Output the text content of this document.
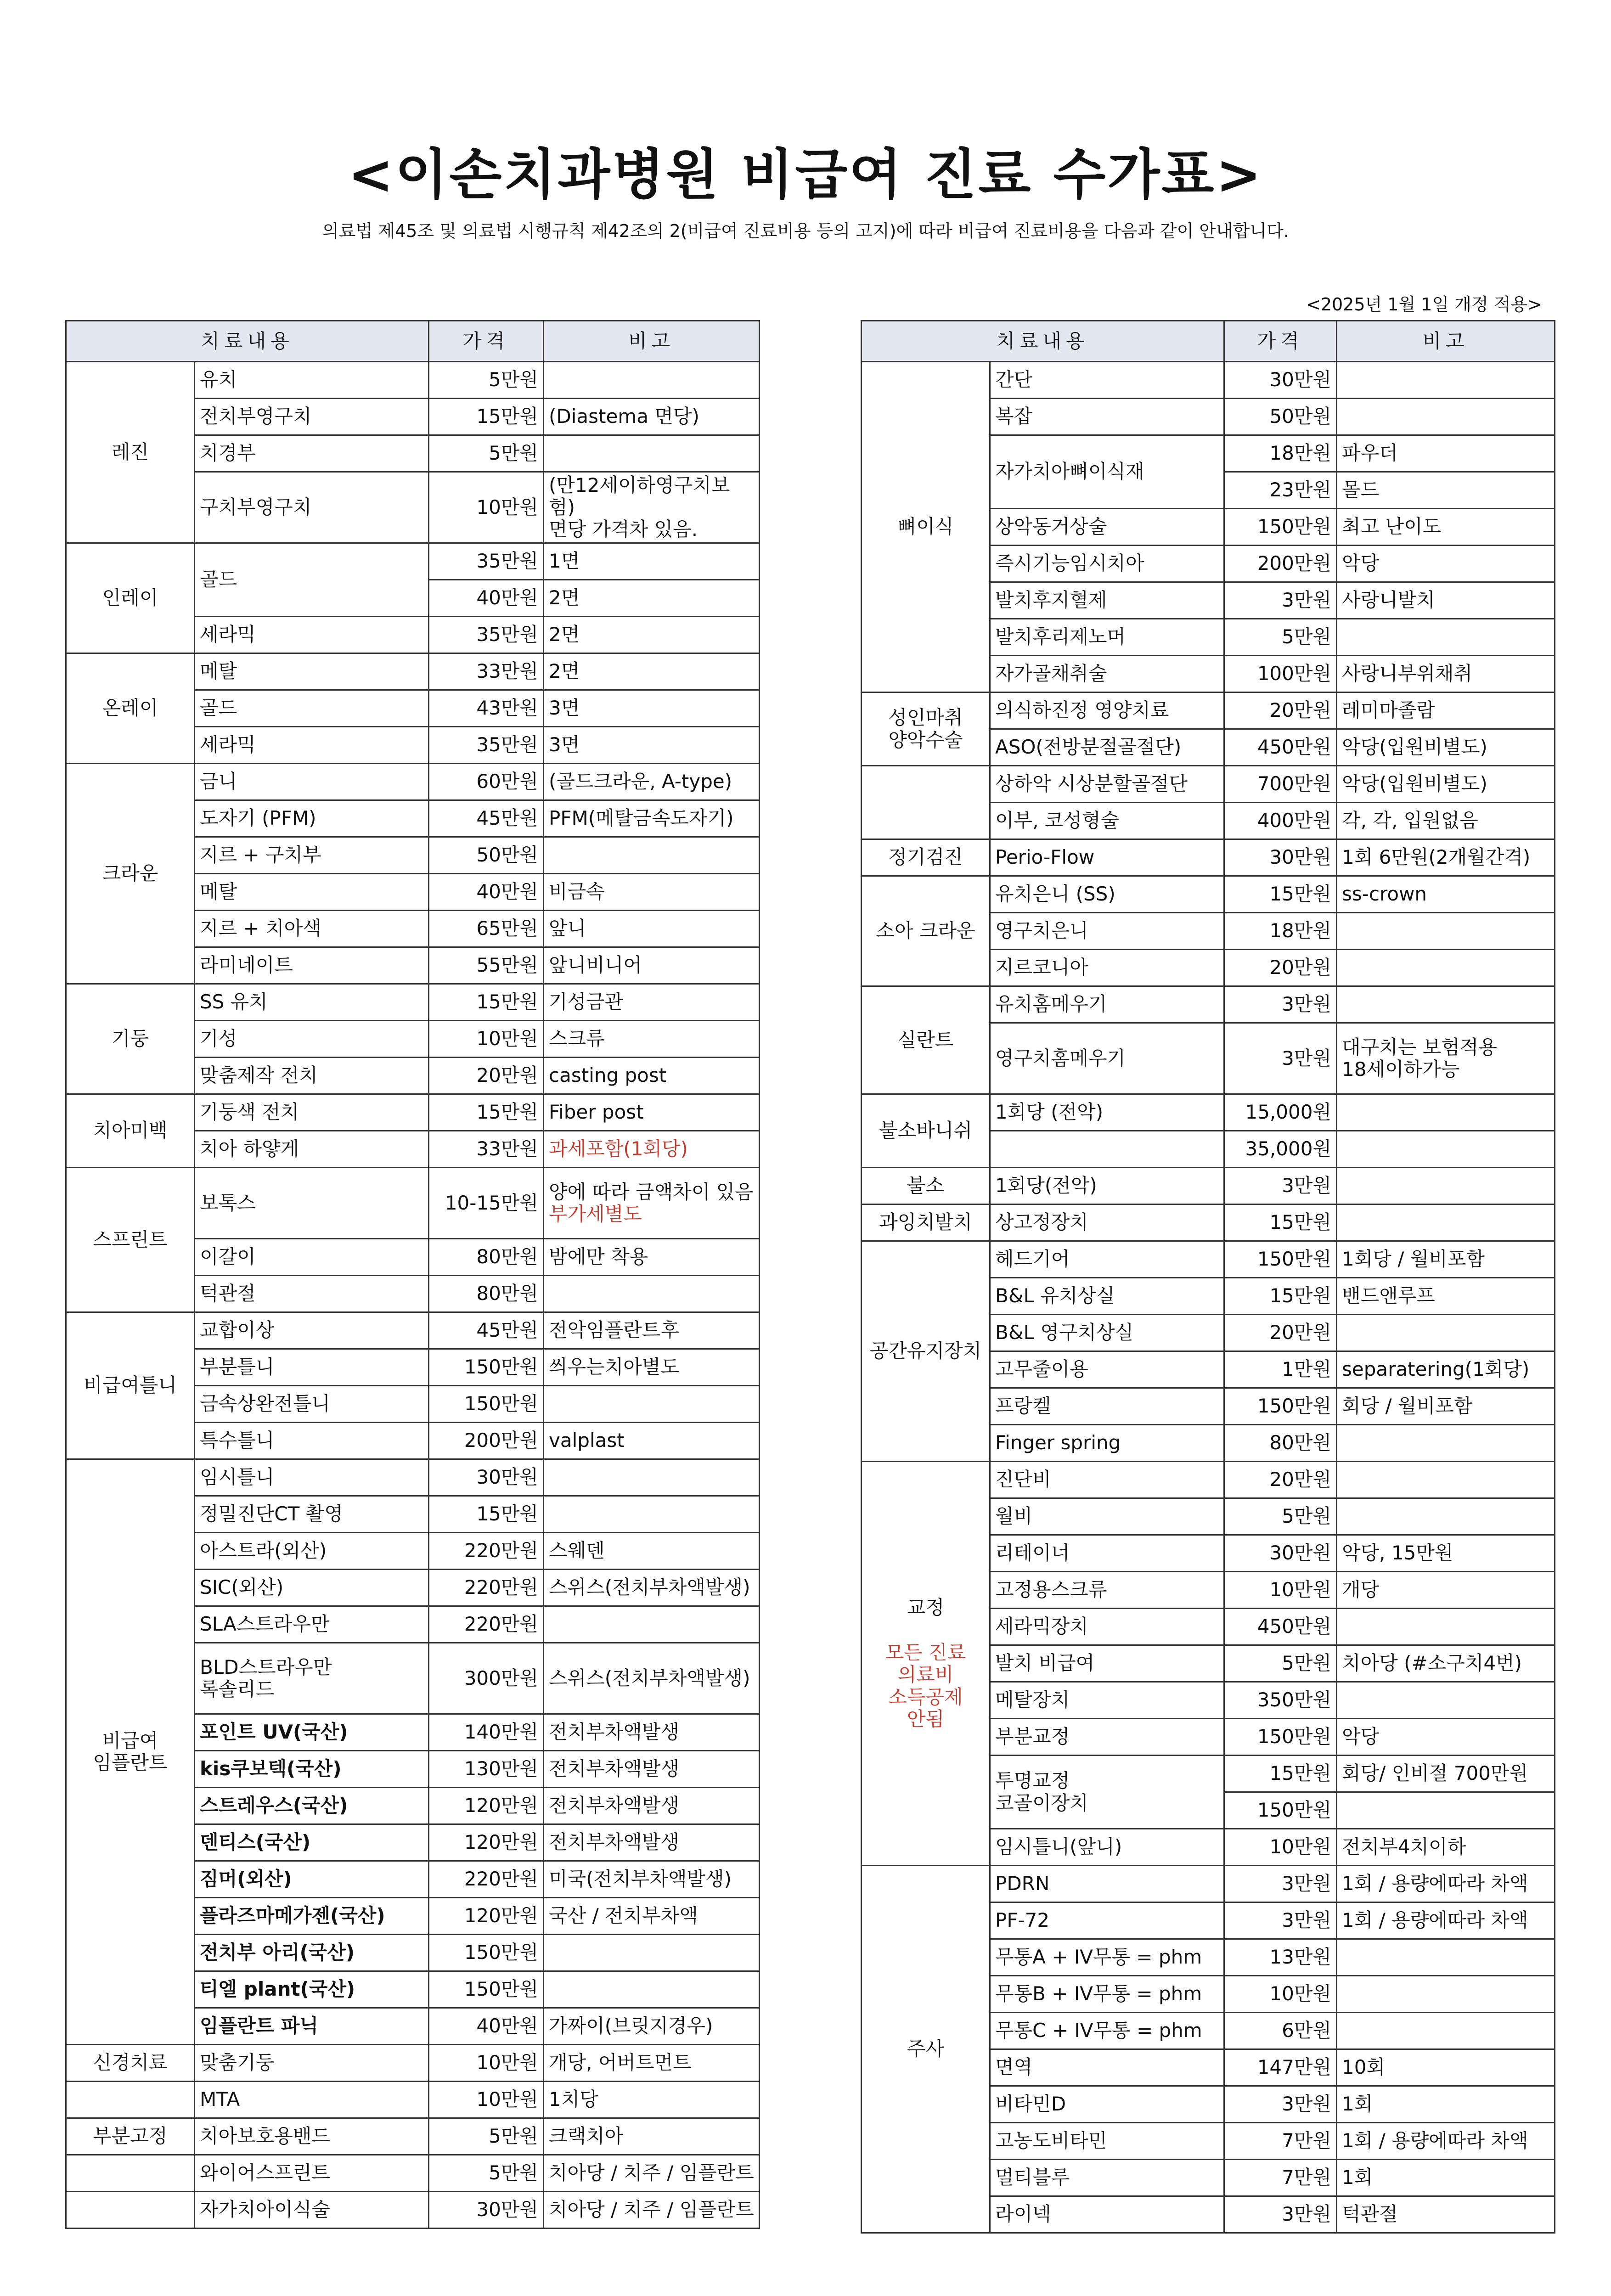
<이손치과병원 비급여 진료 수가표>

의료법 제45조 및 의료법 시행규칙 제42조의 2(비급여 진료비용 등의 고지)에 따라 비급여 진료비용을 다음과 같이 안내합니다.

<2025년 1월 1일 개정 적용>
치료내용		가격	비고
레진	유치	5만원	
	전치부영구치	15만원	(Diastema 면당)
	치경부	5만원	
	구치부영구치	10만원	(만12세이하영구치보험)
면당 가격차 있음.
인레이	골드	35만원	1면
		40만원	2면
	세라믹	35만원	2면
온레이	메탈	33만원	2면
	골드	43만원	3면
	세라믹	35만원	3면
크라운	금니	60만원	(골드크라운, A-type)
	도자기 (PFM)	45만원	PFM(메탈금속도자기)
	지르 + 구치부	50만원	
	메탈	40만원	비금속
	지르 + 치아색	65만원	앞니
	라미네이트	55만원	앞니비니어
기둥	SS 유치	15만원	기성금관
	기성	10만원	스크류
	맞춤제작 전치	20만원	casting post
치아미백	기둥색 전치	15만원	Fiber post
	치아 하얗게	33만원	과세포함(1회당)
스프린트	보톡스	10-15만원	양에 따라 금액차이 있음
부가세별도
	이갈이	80만원	밤에만 착용
	턱관절	80만원	
비급여틀니	교합이상	45만원	전악임플란트후
	부분틀니	150만원	씌우는치아별도
	금속상완전틀니	150만원	
	특수틀니	200만원	valplast
비급여
임플란트	임시틀니	30만원	
	정밀진단CT 촬영	15만원	
	아스트라(외산)	220만원	스웨덴
	SIC(외산)	220만원	스위스(전치부차액발생)
	SLA스트라우만	220만원	
	BLD스트라우만
록솔리드	300만원	스위스(전치부차액발생)
	포인트 UV(국산)	140만원	전치부차액발생
	kis쿠보텍(국산)	130만원	전치부차액발생
	스트레우스(국산)	120만원	전치부차액발생
	덴티스(국산)	120만원	전치부차액발생
	짐머(외산)	220만원	미국(전치부차액발생)
	플라즈마메가젠(국산)	120만원	국산 / 전치부차액
	전치부 아리(국산)	150만원	
	티엘 plant(국산)	150만원	
	임플란트 파닉	40만원	가짜이(브릿지경우)
신경치료	맞춤기둥	10만원	개당, 어버트먼트
	MTA	10만원	1치당
부분고정	치아보호용밴드	5만원	크랙치아
	와이어스프린트	5만원	치아당 / 치주 / 임플란트
	자가치아이식술	30만원	치아당 / 치주 / 임플란트
치료내용		가격	비고
뼈이식	간단	30만원	
	복잡	50만원	
	자가치아뼈이식재	18만원	파우더
		23만원	몰드
	상악동거상술	150만원	최고 난이도
	즉시기능임시치아	200만원	악당
	발치후지혈제	3만원	사랑니발치
	발치후리제노머	5만원	
	자가골채취술	100만원	사랑니부위채취
성인마취
양악수술	의식하진정 영양치료	20만원	레미마졸람
	ASO(전방분절골절단)	450만원	악당(입원비별도)
	상하악 시상분할골절단	700만원	악당(입원비별도)
	이부, 코성형술	400만원	각, 각, 입원없음
정기검진	Perio-Flow	30만원	1회 6만원(2개월간격)
소아 크라운	유치은니 (SS)	15만원	ss-crown
	영구치은니	18만원	
	지르코니아	20만원	
실란트	유치홈메우기	3만원	
	영구치홈메우기	3만원	대구치는 보험적용
18세이하가능
불소바니쉬	1회당 (전악)	15,000원	
		35,000원	
불소	1회당(전악)	3만원	
과잉치발치	상고정장치	15만원	
공간유지장치	헤드기어	150만원	1회당 / 월비포함
	B&L 유치상실	15만원	밴드앤루프
	B&L 영구치상실	20만원	
	고무줄이용	1만원	separatering(1회당)
	프랑켈	150만원	회당 / 월비포함
	Finger spring	80만원	
교정
모든 진료
의료비
소득공제
안됨	진단비	20만원	
	월비	5만원	
	리테이너	30만원	악당, 15만원
	고정용스크류	10만원	개당
	세라믹장치	450만원	
	발치 비급여	5만원	치아당 (#소구치4번)
	메탈장치	350만원	
	부분교정	150만원	악당
	투명교정
코골이장치	15만원	회당/ 인비절 700만원
		150만원	
	임시틀니(앞니)	10만원	전치부4치이하
주사	PDRN	3만원	1회 / 용량에따라 차액
	PF-72	3만원	1회 / 용량에따라 차액
	무통A + IV무통 = phm	13만원	
	무통B + IV무통 = phm	10만원	
	무통C + IV무통 = phm	6만원	
	면역	147만원	10회
	비타민D	3만원	1회
	고농도비타민	7만원	1회 / 용량에따라 차액
	멀티블루	7만원	1회
	라이넥	3만원	턱관절
